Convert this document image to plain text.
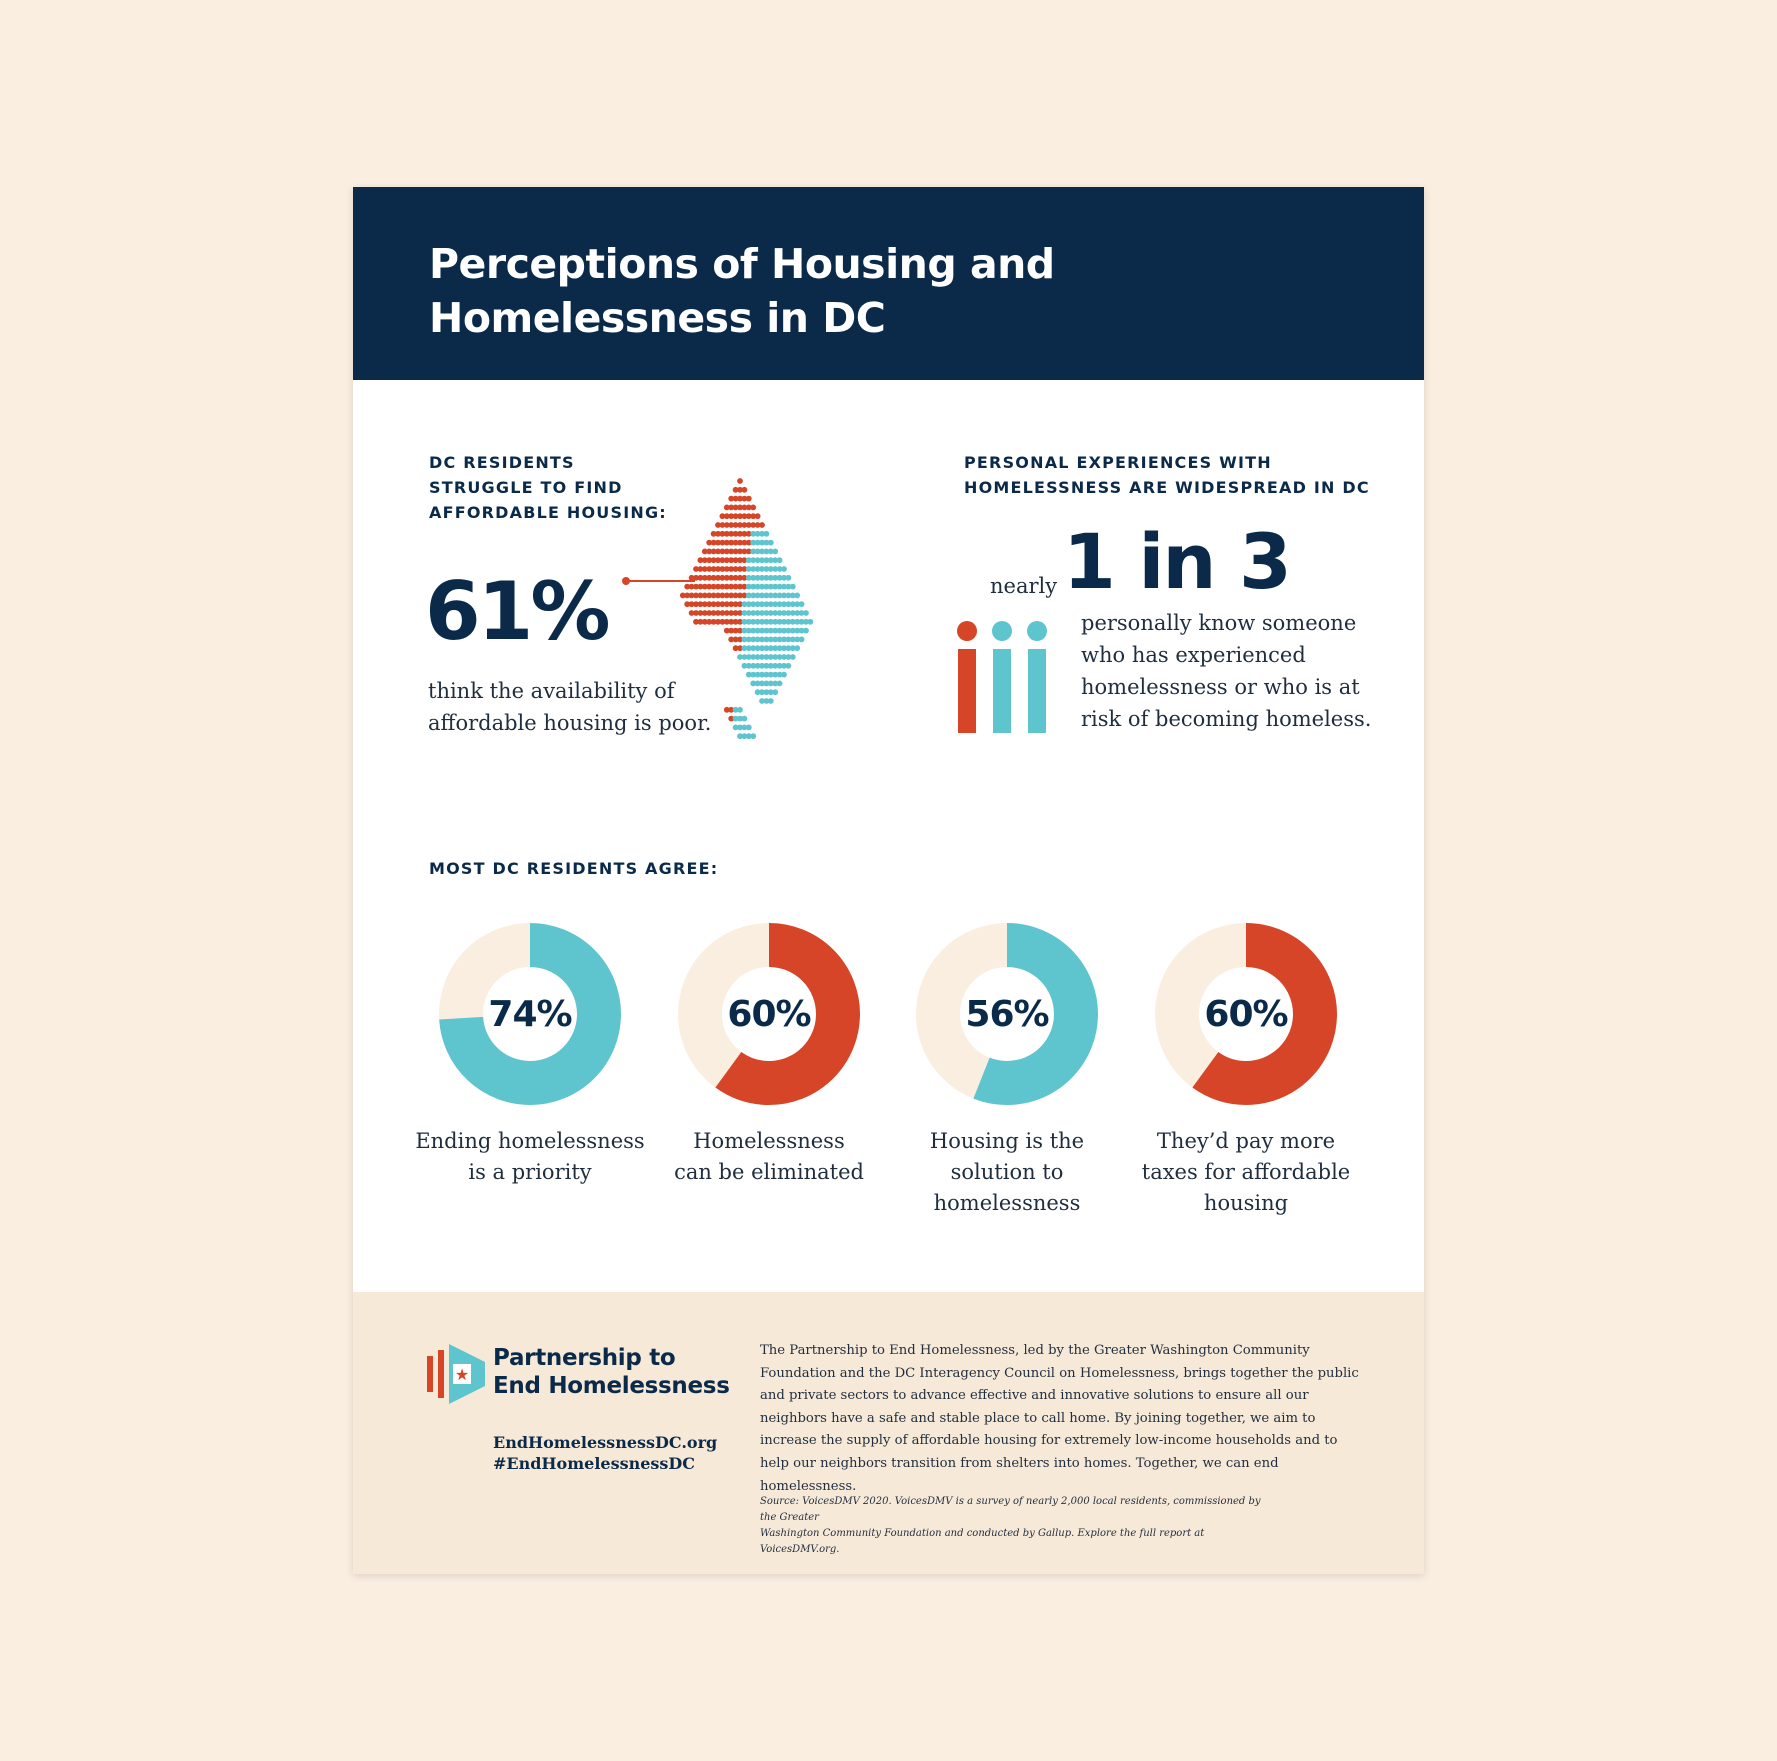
Perceptions of Housing and
Homelessness in DC
DC RESIDENTS
STRUGGLE TO FIND
AFFORDABLE HOUSING:
61%

think the availability of
affordable housing is poor.

PERSONAL EXPERIENCES WITH
HOMELESSNESS ARE WIDESPREAD IN DC
nearly 1 in 3

personally know someone
who has experienced
homelessness or who is at
risk of becoming homeless.

MOST DC RESIDENTS AGREE:
74%	60%	56%	60%

Ending homelessness
is a priority

Homelessness
can be eliminated

Housing is the
solution to
homelessness

They’d pay more
taxes for affordable
housing

★
Partnership to
End Homelessness
EndHomelessnessDC.org
#EndHomelessnessDC

The Partnership to End Homelessness, led by the Greater Washington Community Foundation and the DC Interagency Council on Homelessness, brings together the public and private sectors to advance effective and innovative solutions to ensure all our neighbors have a safe and stable place to call home. By joining together, we aim to increase the supply of affordable housing for extremely low-income households and to help our neighbors transition from shelters into homes. Together, we can end homelessness.

Source: VoicesDMV 2020. VoicesDMV is a survey of nearly 2,000 local residents, commissioned by the Greater
Washington Community Foundation and conducted by Gallup. Explore the full report at VoicesDMV.org.
